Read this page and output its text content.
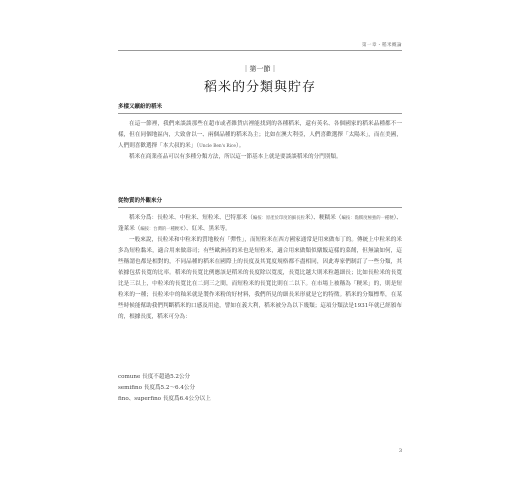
第一章・稻米概論
｜第一節｜
稻米的分類與貯存
多樣又繽紛的稻米

在這一節裡，我們來談談那些在超市或者雜貨店裡能找到的各種稻米，還有英名、各個國家的稻米品種都不一樣，但在同個地區內，大致會以一、兩個品種的稻米為主；比如在澳大利亞，人們喜歡選擇「太陽米」，而在美國，人們則喜歡選擇「本大叔的米」（Uncle Ben's Rice）。

稻米在商業產品可以有多種分類方法，所以這一節基本上就是要談談稻米的分門別類。

從物質的外觀來分

稻米分爲：長粒米、中粒米、短粒米、巴特那米（編按：原產於印度的細長粒米）、粳糯米（編按：黏糯度極強的一種粳）、蓬萊米（編按：台灣的一種粳米）、紅米、黑米等。

一般來說，長粒米和中粒米的質地較有「彈性」，而短粒米在西方國家通常是用來做布丁的。傳統上中粒米的米多為短粒黏米，適合用來做壽司；有些歐洲產的米也是短粒米，適合用來做類似燉飯這樣的菜餚，但無論如何，這些稱謂也都是相對的，不同品種的稻米在國際上的長度及其寬度規格都不盡相同，因此專家們制訂了一些分類，其依據包括長寬的比率。稻米的長寬比例應該是稻米的長度除以寬度，長寬比越大則米粒越細長；比如長粒米的長寬比是三以上，中粒米的長寬比在二到三之間，而短粒米的長寬比則在二以下。在市場上被稱為「粳米」的，則是短粒米的一種；長粒米中的秈米就是製作米粉的好材料，我們所見的細長米形就是它的特徵。稻米的分類標準，在某些時候能幫助我們判斷稻米的口感及用途，譬如在義大利，稻米被分為以下幾類；這項分類法是1931年就已經頒布的，根據長度，稻米可分為：

comune 長度不超過5.2公分

semifino 長度爲5.2～6.4公分

fino、superfino 長度爲6.4公分以上

3
